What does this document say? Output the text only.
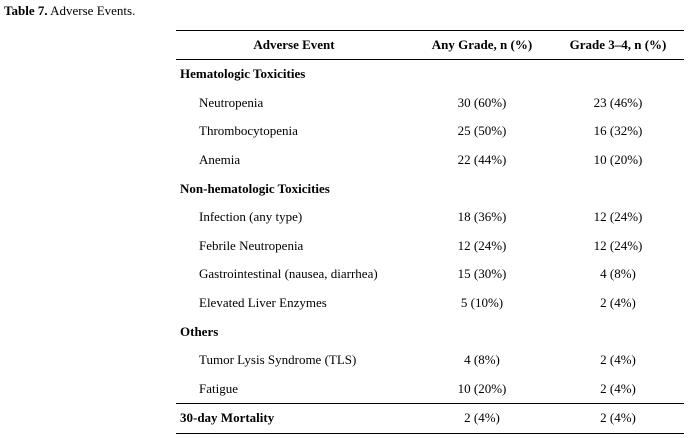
Table 7. Adverse Events.
Adverse Event	Any Grade, n (%)	Grade 3–4, n (%)
Hematologic Toxicities		
Neutropenia	30 (60%)	23 (46%)
Thrombocytopenia	25 (50%)	16 (32%)
Anemia	22 (44%)	10 (20%)
Non-hematologic Toxicities		
Infection (any type)	18 (36%)	12 (24%)
Febrile Neutropenia	12 (24%)	12 (24%)
Gastrointestinal (nausea, diarrhea)	15 (30%)	4 (8%)
Elevated Liver Enzymes	5 (10%)	2 (4%)
Others		
Tumor Lysis Syndrome (TLS)	4 (8%)	2 (4%)
Fatigue	10 (20%)	2 (4%)
30-day Mortality	2 (4%)	2 (4%)
